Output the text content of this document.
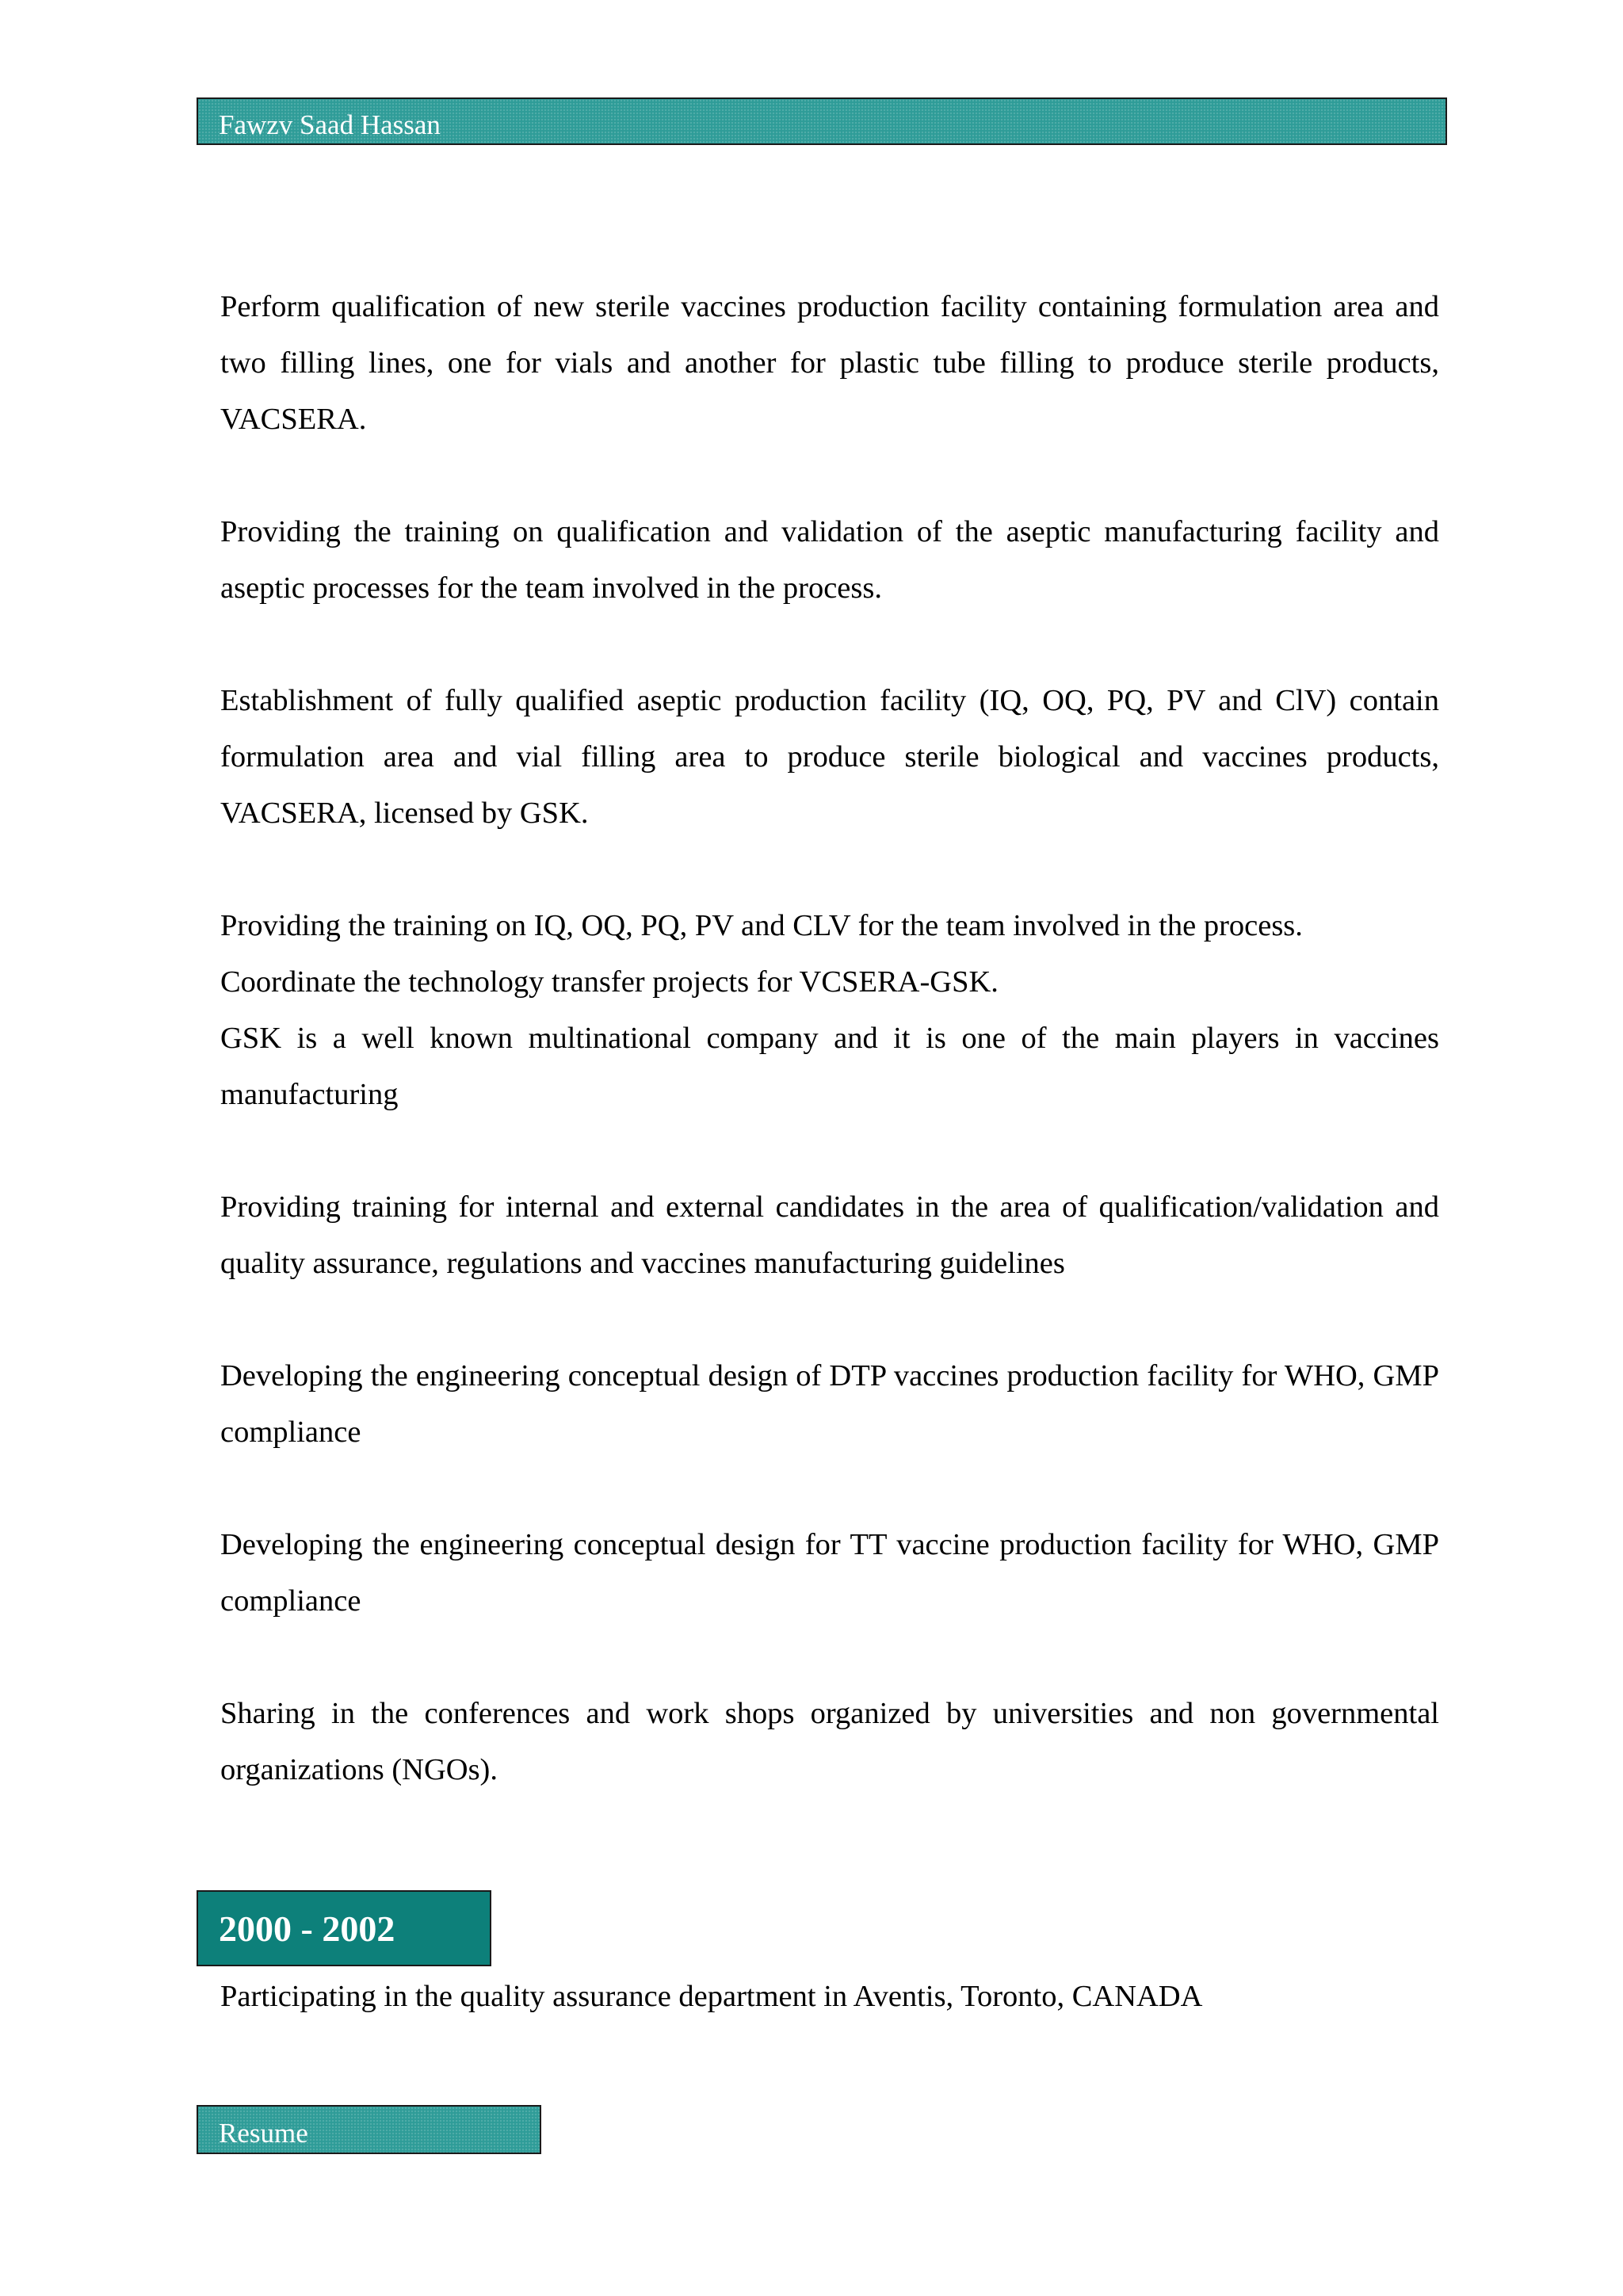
Fawzv Saad Hassan

Perform qualification of new sterile vaccines production facility containing formulation area and two filling lines, one for vials and another for plastic tube filling to produce sterile products, VACSERA.

Providing the training on qualification and validation of the aseptic manufacturing facility and aseptic processes for the team involved in the process.

Establishment of fully qualified aseptic production facility (IQ, OQ, PQ, PV and ClV) contain formulation area and vial filling area to produce sterile biological and vaccines products, VACSERA, licensed by GSK.

Providing the training on IQ, OQ, PQ, PV and CLV for the team involved in the process.
Coordinate the technology transfer projects for VCSERA-GSK.
GSK is a well known multinational company and it is one of the main players in vaccines manufacturing

Providing training for internal and external candidates in the area of qualification/validation and quality assurance, regulations and vaccines manufacturing guidelines

Developing the engineering conceptual design of DTP vaccines production facility for WHO, GMP compliance

Developing the engineering conceptual design for TT vaccine production facility for WHO, GMP compliance

Sharing in the conferences and work shops organized by universities and non governmental organizations (NGOs).

2000 - 2002
Participating in the quality assurance department in Aventis, Toronto, CANADA
Resume
